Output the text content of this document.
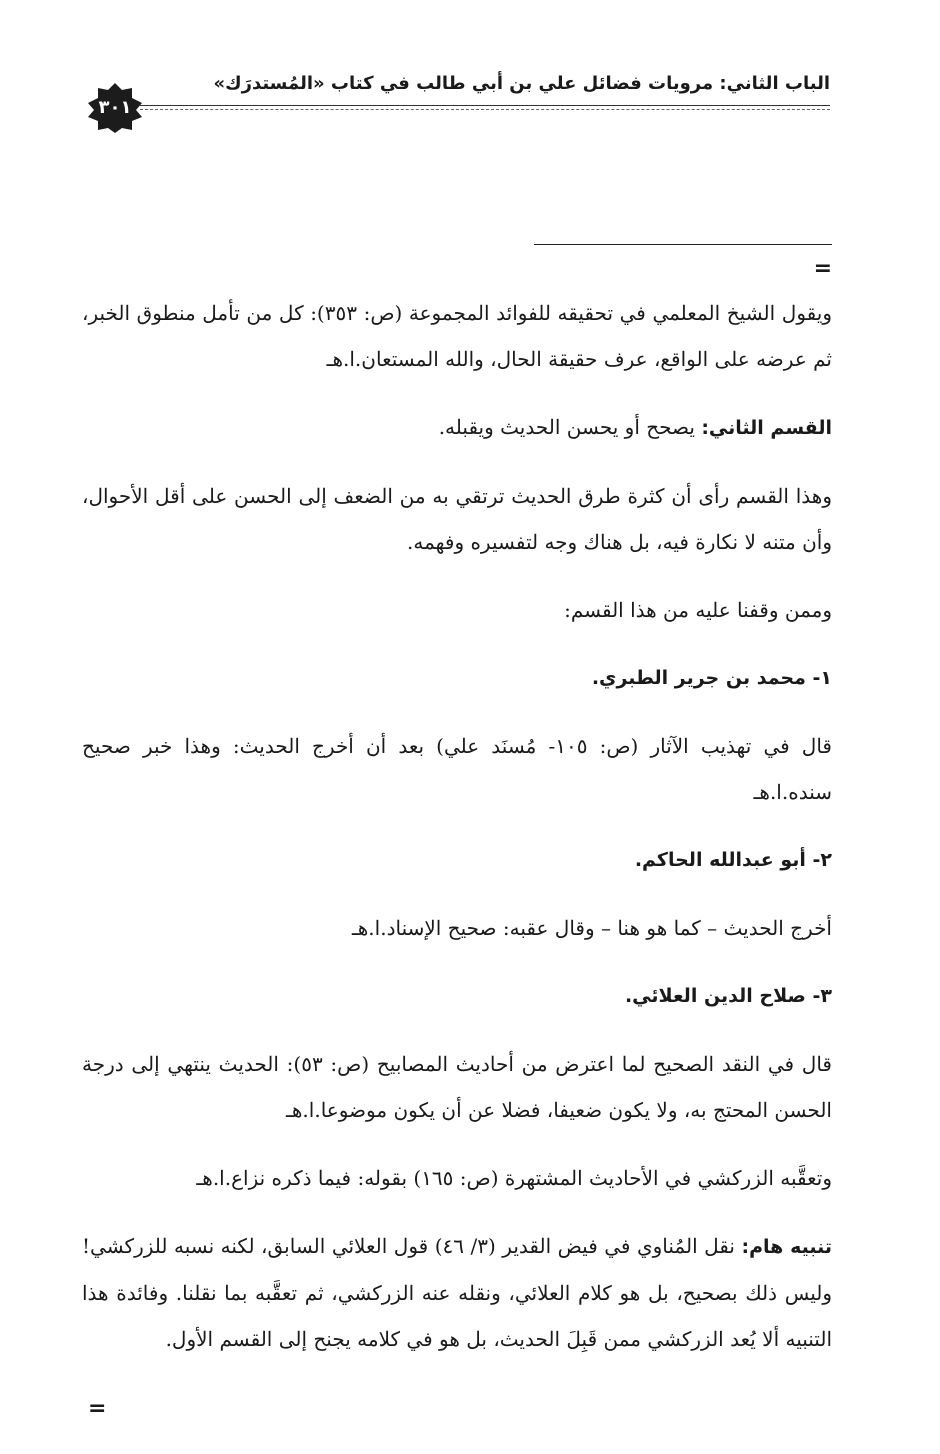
الباب الثاني: مرويات فضائل علي بن أبي طالب في كتاب «المُستدرَك»
٣٠١
=

ويقول الشيخ المعلمي في تحقيقه للفوائد المجموعة (ص: ٣٥٣): كل من تأمل منطوق الخبر، ثم عرضه على الواقع، عرف حقيقة الحال، والله المستعان.ا.هـ

القسم الثاني: يصحح أو يحسن الحديث ويقبله.

وهذا القسم رأى أن كثرة طرق الحديث ترتقي به من الضعف إلى الحسن على أقل الأحوال، وأن متنه لا نكارة فيه، بل هناك وجه لتفسيره وفهمه.

وممن وقفنا عليه من هذا القسم:

١- محمد بن جرير الطبري.

قال في تهذيب الآثار (ص: ١٠٥- مُسنَد علي) بعد أن أخرج الحديث: وهذا خبر صحيح سنده.ا.هـ

٢- أبو عبدالله الحاكم.

أخرج الحديث – كما هو هنا – وقال عقبه: صحيح الإسناد.ا.هـ

٣- صلاح الدين العلائي.

قال في النقد الصحيح لما اعترض من أحاديث المصابيح (ص: ٥٣): الحديث ينتهي إلى درجة الحسن المحتج به، ولا يكون ضعيفا، فضلا عن أن يكون موضوعا.ا.هـ

وتعقَّبه الزركشي في الأحاديث المشتهرة (ص: ١٦٥) بقوله: فيما ذكره نزاع.ا.هـ

تنبيه هام: نقل المُناوي في فيض القدير (٣/ ٤٦) قول العلائي السابق، لكنه نسبه للزركشي! وليس ذلك بصحيح، بل هو كلام العلائي، ونقله عنه الزركشي، ثم تعقَّبه بما نقلنا. وفائدة هذا التنبيه ألا يُعد الزركشي ممن قَبِلَ الحديث، بل هو في كلامه يجنح إلى القسم الأول.

=
